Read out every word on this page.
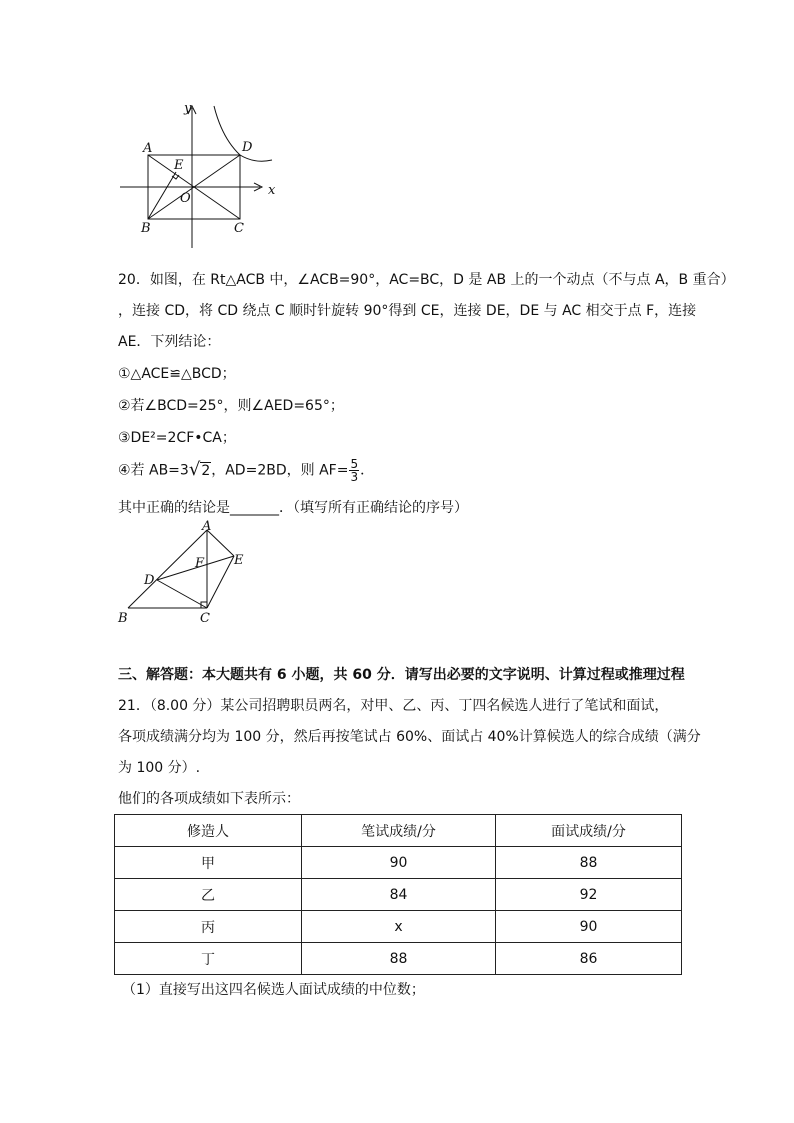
y
x
A	D
E
O
B	C
20．如图，在 Rt△ACB 中，∠ACB=90°，AC=BC，D 是 AB 上的一个动点（不与点 A，B 重合）
，连接 CD，将 CD 绕点 C 顺时针旋转 90°得到 CE，连接 DE，DE 与 AC 相交于点 F，连接
AE．下列结论：
①△ACE≌△BCD；
②若∠BCD=25°，则∠AED=65°；
③DE²=2CF•CA；
④若 AB=3√2，AD=2BD，则 $AF= \frac{5}{3}$ ．
其中正确的结论是_______．（填写所有正确结论的序号）
A
F E
D
B	C
三、解答题：本大题共有 6 小题，共 60 分．请写出必要的文字说明、计算过程或推理过程
21．（8.00 分）某公司招聘职员两名，对甲、乙、丙、丁四名候选人进行了笔试和面试，
各项成绩满分均为 100 分，然后再按笔试占 60%、面试占 40%计算候选人的综合成绩（满分
为 100 分）.
他们的各项成绩如下表所示：
修造人	笔试成绩/分	面试成绩/分
甲	90	88
乙	84	92
丙	x	90
丁	88	86
（1）直接写出这四名候选人面试成绩的中位数；
